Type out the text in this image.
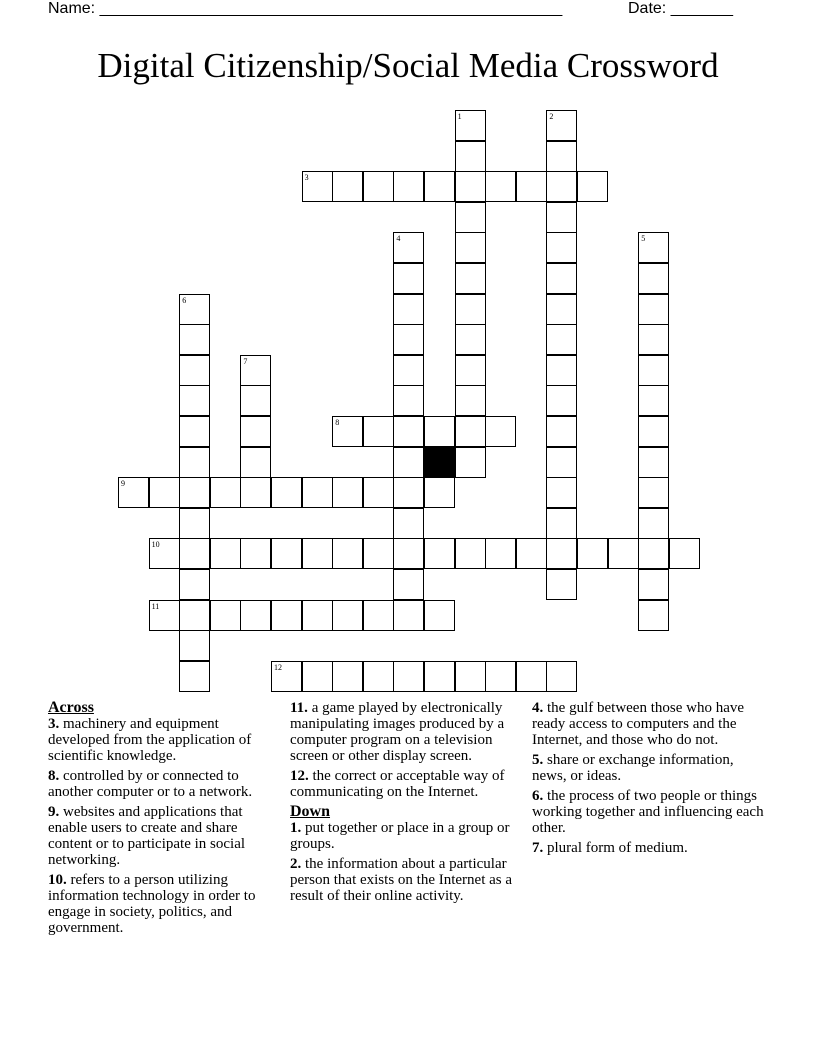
Name: ____________________________________________________	Date: _______
Digital Citizenship/Social Media Crossword
3
8
9
10
11
12
1	2
4	5
6
7

Across

3. machinery and equipment developed from the application of scientific knowledge.

8. controlled by or connected to another computer or to a network.

9. websites and applications that enable users to create and share content or to participate in social networking.

10. refers to a person utilizing information technology in order to engage in society, politics, and government.

11. a game played by electronically manipulating images produced by a computer program on a television screen or other display screen.

12. the correct or acceptable way of communicating on the Internet.

Down

1. put together or place in a group or groups.

2. the information about a particular person that exists on the Internet as a result of their online activity.

4. the gulf between those who have ready access to computers and the Internet, and those who do not.

5. share or exchange information, news, or ideas.

6. the process of two people or things working together and influencing each other.

7. plural form of medium.
